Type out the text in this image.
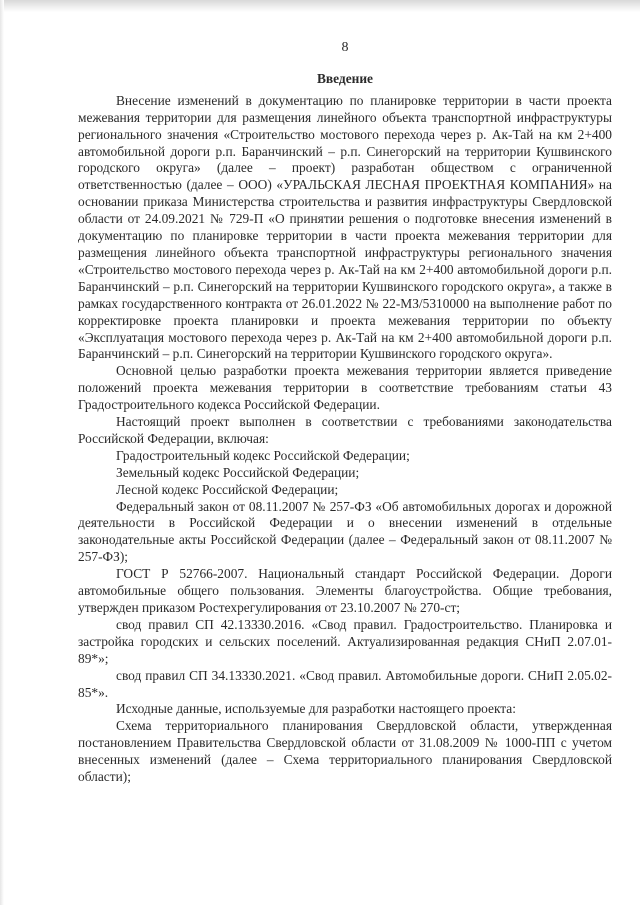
8
Введение

Внесение изменений в документацию по планировке территории в части проекта межевания территории для размещения линейного объекта транспортной инфраструктуры регионального значения «Строительство мостового перехода через р. Ак-Тай на км 2+400 автомобильной дороги р.п. Баранчинский – р.п. Синегорский на территории Кушвинского городского округа» (далее – проект) разработан обществом с ограниченной ответственностью (далее – ООО) «УРАЛЬСКАЯ ЛЕСНАЯ ПРОЕКТНАЯ КОМПАНИЯ» на основании приказа Министерства строительства и развития инфраструктуры Свердловской области от 24.09.2021 № 729-П «О принятии решения о подготовке внесения изменений в документацию по планировке территории в части проекта межевания территории для размещения линейного объекта транспортной инфраструктуры регионального значения «Строительство мостового перехода через р. Ак-Тай на км 2+400 автомобильной дороги р.п. Баранчинский – р.п. Синегорский на территории Кушвинского городского округа», а также в рамках государственного контракта от 26.01.2022 № 22-МЗ/5310000 на выполнение работ по корректировке проекта планировки и проекта межевания территории по объекту «Эксплуатация мостового перехода через р. Ак-Тай на км 2+400 автомобильной дороги р.п. Баранчинский – р.п. Синегорский на территории Кушвинского городского округа».

Основной целью разработки проекта межевания территории является приведение положений проекта межевания территории в соответствие требованиям статьи 43 Градостроительного кодекса Российской Федерации.

Настоящий проект выполнен в соответствии с требованиями законодательства Российской Федерации, включая:

Градостроительный кодекс Российской Федерации;

Земельный кодекс Российской Федерации;

Лесной кодекс Российской Федерации;

Федеральный закон от 08.11.2007 № 257-ФЗ «Об автомобильных дорогах и дорожной деятельности в Российской Федерации и о внесении изменений в отдельные законодательные акты Российской Федерации (далее – Федеральный закон от 08.11.2007 № 257-ФЗ);

ГОСТ Р 52766-2007. Национальный стандарт Российской Федерации. Дороги автомобильные общего пользования. Элементы благоустройства. Общие требования, утвержден приказом Ростехрегулирования от 23.10.2007 № 270-ст;

свод правил СП 42.13330.2016. «Свод правил. Градостроительство. Планировка и застройка городских и сельских поселений. Актуализированная редакция СНиП 2.07.01-89*»;

свод правил СП 34.13330.2021. «Свод правил. Автомобильные дороги. СНиП 2.05.02-85*».

Исходные данные, используемые для разработки настоящего проекта:

Схема территориального планирования Свердловской области, утвержденная постановлением Правительства Свердловской области от 31.08.2009 № 1000-ПП с учетом внесенных изменений (далее – Схема территориального планирования Свердловской области);
